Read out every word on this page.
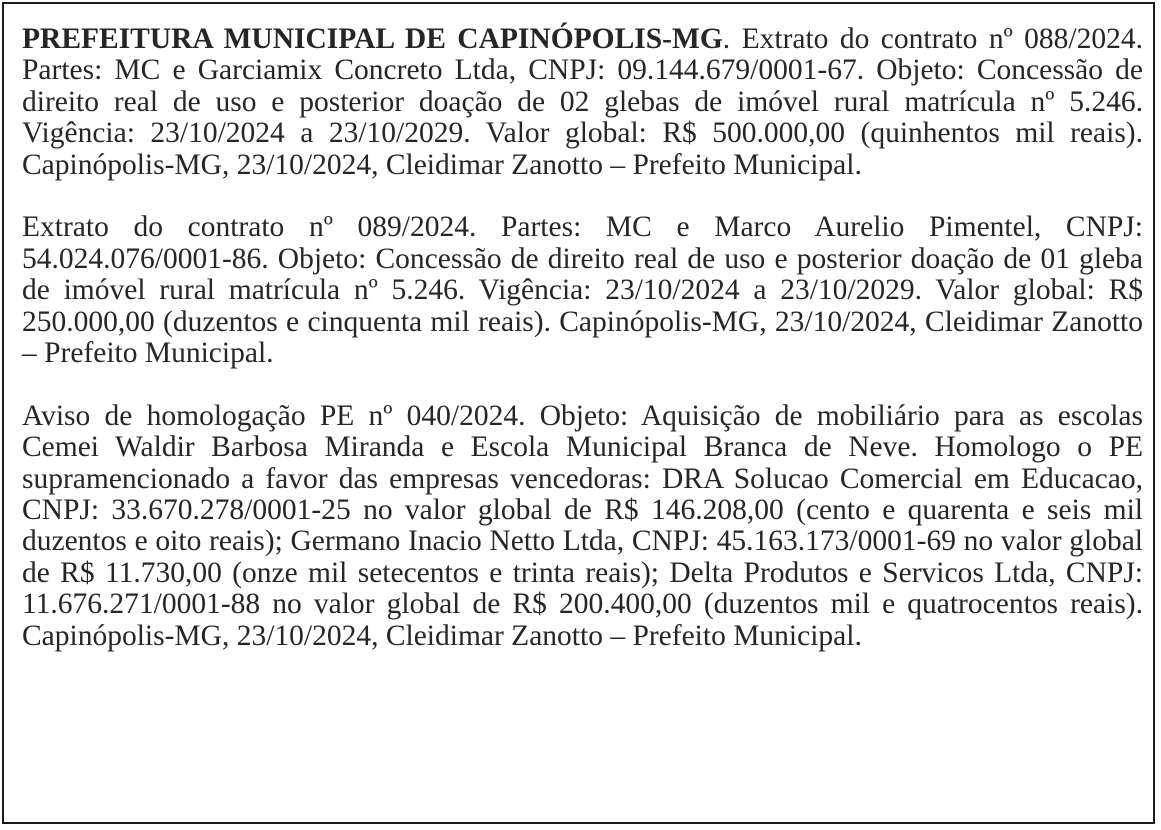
PREFEITURA MUNICIPAL DE CAPINÓPOLIS-MG. Extrato do contrato nº 088/2024. Partes: MC e Garciamix Concreto Ltda, CNPJ: 09.144.679/0001-67. Objeto: Concessão de direito real de uso e posterior doação de 02 glebas de imóvel rural matrícula nº 5.246. Vigência: 23/10/2024 a 23/10/2029. Valor global: R$ 500.000,00 (quinhentos mil reais). Capinópolis-MG, 23/10/2024, Cleidimar Zanotto – Prefeito Municipal.

Extrato do contrato nº 089/2024. Partes: MC e Marco Aurelio Pimentel, CNPJ: 54.024.076/0001-86. Objeto: Concessão de direito real de uso e posterior doação de 01 gleba de imóvel rural matrícula nº 5.246. Vigência: 23/10/2024 a 23/10/2029. Valor global: R$ 250.000,00 (duzentos e cinquenta mil reais). Capinópolis-MG, 23/10/2024, Cleidimar Zanotto – Prefeito Municipal.

Aviso de homologação PE nº 040/2024. Objeto: Aquisição de mobiliário para as escolas Cemei Waldir Barbosa Miranda e Escola Municipal Branca de Neve. Homologo o PE supramencionado a favor das empresas vencedoras: DRA Solucao Comercial em Educacao, CNPJ: 33.670.278/0001-25 no valor global de R$ 146.208,00 (cento e quarenta e seis mil duzentos e oito reais); Germano Inacio Netto Ltda, CNPJ: 45.163.173/0001-69 no valor global de R$ 11.730,00 (onze mil setecentos e trinta reais); Delta Produtos e Servicos Ltda, CNPJ: 11.676.271/0001-88 no valor global de R$ 200.400,00 (duzentos mil e quatrocentos reais). Capinópolis-MG, 23/10/2024, Cleidimar Zanotto – Prefeito Municipal.
